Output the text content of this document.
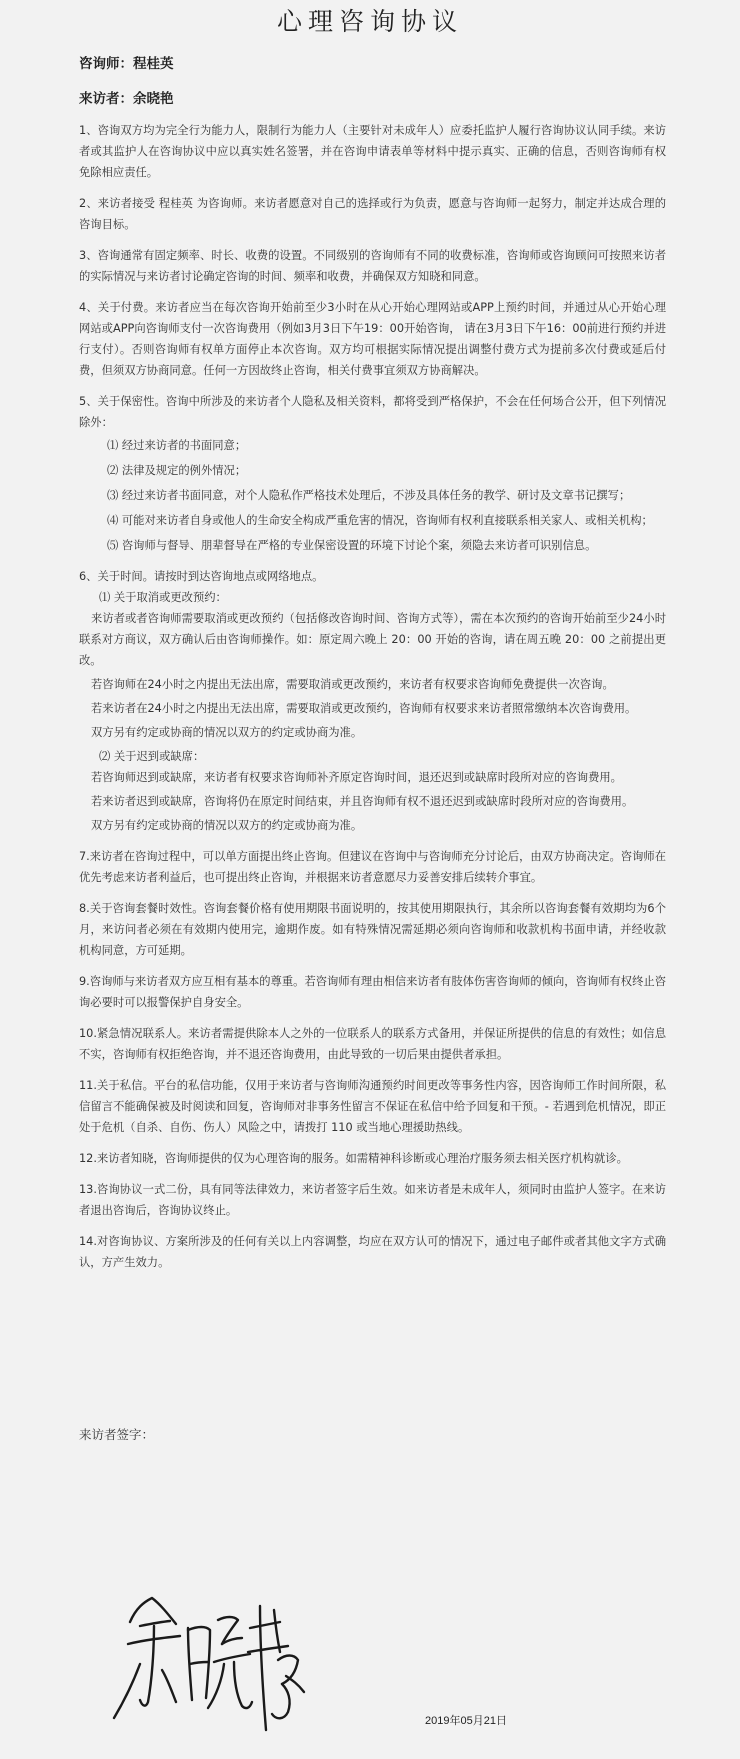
心理咨询协议
咨询师：程桂英
来访者：余晓艳

1、咨询双方均为完全行为能力人，限制行为能力人（主要针对未成年人）应委托监护人履行咨询协议认同手续。来访者或其监护人在咨询协议中应以真实姓名签署，并在咨询申请表单等材料中提示真实、正确的信息，否则咨询师有权免除相应责任。

2、来访者接受 程桂英 为咨询师。来访者愿意对自己的选择或行为负责，愿意与咨询师一起努力，制定并达成合理的咨询目标。

3、咨询通常有固定频率、时长、收费的设置。不同级别的咨询师有不同的收费标准，咨询师或咨询顾问可按照来访者的实际情况与来访者讨论确定咨询的时间、频率和收费，并确保双方知晓和同意。

4、关于付费。来访者应当在每次咨询开始前至少3小时在从心开始心理网站或APP上预约时间，并通过从心开始心理网站或APP向咨询师支付一次咨询费用（例如3月3日下午19：00开始咨询， 请在3月3日下午16：00前进行预约并进行支付）。否则咨询师有权单方面停止本次咨询。双方均可根据实际情况提出调整付费方式为提前多次付费或延后付费，但须双方协商同意。任何一方因故终止咨询，相关付费事宜须双方协商解决。

5、关于保密性。咨询中所涉及的来访者个人隐私及相关资料，都将受到严格保护，不会在任何场合公开，但下列情况除外：

⑴ 经过来访者的书面同意；

⑵ 法律及规定的例外情况；

⑶ 经过来访者书面同意，对个人隐私作严格技术处理后，不涉及具体任务的教学、研讨及文章书记撰写；

⑷ 可能对来访者自身或他人的生命安全构成严重危害的情况，咨询师有权利直接联系相关家人、或相关机构；

⑸ 咨询师与督导、朋辈督导在严格的专业保密设置的环境下讨论个案，须隐去来访者可识别信息。

6、关于时间。请按时到达咨询地点或网络地点。

⑴ 关于取消或更改预约：

来访者或者咨询师需要取消或更改预约（包括修改咨询时间、咨询方式等），需在本次预约的咨询开始前至少24小时联系对方商议，双方确认后由咨询师操作。如：原定周六晚上 20：00 开始的咨询，请在周五晚 20：00 之前提出更改。

若咨询师在24小时之内提出无法出席，需要取消或更改预约，来访者有权要求咨询师免费提供一次咨询。

若来访者在24小时之内提出无法出席，需要取消或更改预约，咨询师有权要求来访者照常缴纳本次咨询费用。

双方另有约定或协商的情况以双方的约定或协商为准。

⑵ 关于迟到或缺席：

若咨询师迟到或缺席，来访者有权要求咨询师补齐原定咨询时间，退还迟到或缺席时段所对应的咨询费用。

若来访者迟到或缺席，咨询将仍在原定时间结束，并且咨询师有权不退还迟到或缺席时段所对应的咨询费用。

双方另有约定或协商的情况以双方的约定或协商为准。

7.来访者在咨询过程中，可以单方面提出终止咨询。但建议在咨询中与咨询师充分讨论后，由双方协商决定。咨询师在优先考虑来访者利益后，也可提出终止咨询，并根据来访者意愿尽力妥善安排后续转介事宜。

8.关于咨询套餐时效性。咨询套餐价格有使用期限书面说明的，按其使用期限执行，其余所以咨询套餐有效期均为6个月，来访问者必须在有效期内使用完，逾期作废。如有特殊情况需延期必须向咨询师和收款机构书面申请，并经收款机构同意，方可延期。

9.咨询师与来访者双方应互相有基本的尊重。若咨询师有理由相信来访者有肢体伤害咨询师的倾向，咨询师有权终止咨询必要时可以报警保护自身安全。

10.紧急情况联系人。来访者需提供除本人之外的一位联系人的联系方式备用，并保证所提供的信息的有效性；如信息不实，咨询师有权拒绝咨询，并不退还咨询费用，由此导致的一切后果由提供者承担。

11.关于私信。平台的私信功能，仅用于来访者与咨询师沟通预约时间更改等事务性内容，因咨询师工作时间所限，私信留言不能确保被及时阅读和回复，咨询师对非事务性留言不保证在私信中给予回复和干预。- 若遇到危机情况，即正处于危机（自杀、自伤、伤人）风险之中，请拨打 110 或当地心理援助热线。

12.来访者知晓，咨询师提供的仅为心理咨询的服务。如需精神科诊断或心理治疗服务须去相关医疗机构就诊。

13.咨询协议一式二份，具有同等法律效力，来访者签字后生效。如来访者是未成年人，须同时由监护人签字。在来访者退出咨询后，咨询协议终止。

14.对咨询协议、方案所涉及的任何有关以上内容调整，均应在双方认可的情况下，通过电子邮件或者其他文字方式确认，方产生效力。

来访者签字：
2019年05月21日
